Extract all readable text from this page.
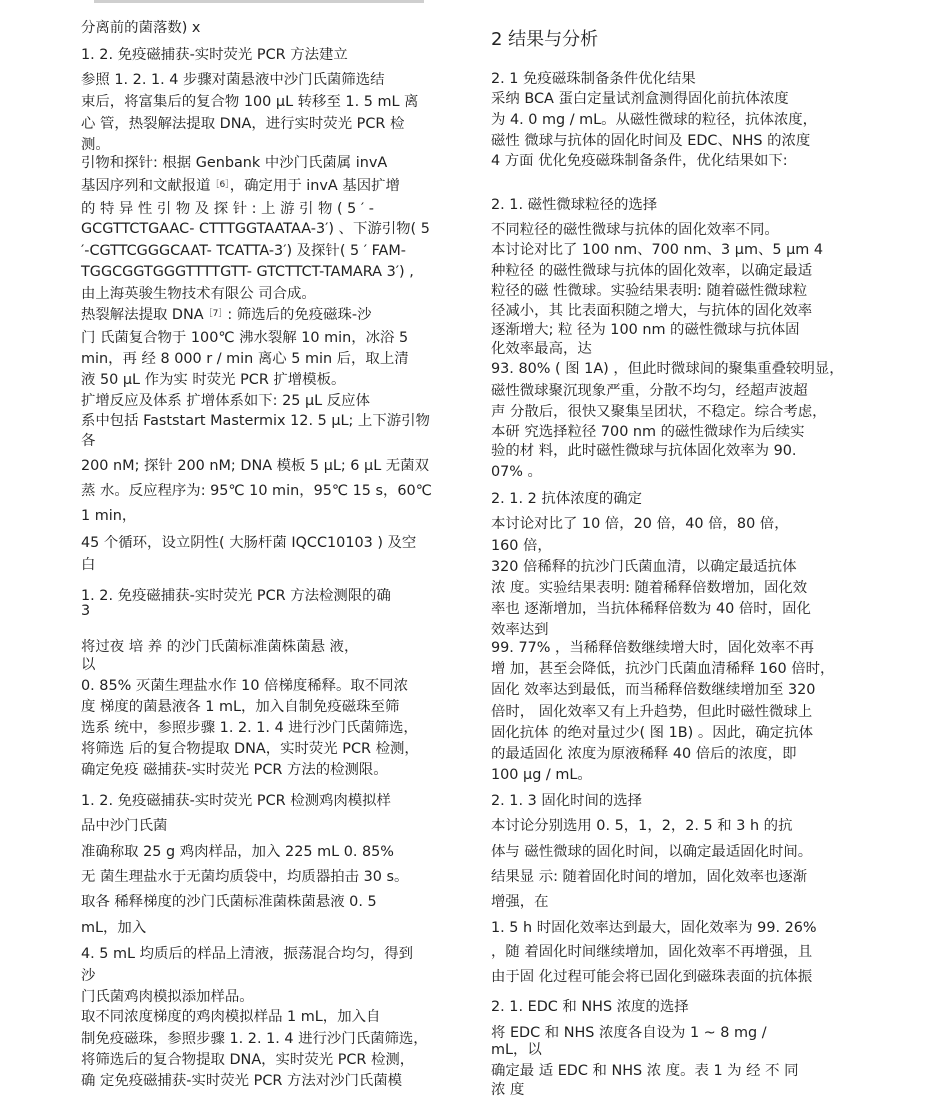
分离前的菌落数) x
1. 2. 免疫磁捕获-实时荧光 PCR 方法建立
参照 1. 2. 1. 4 步骤对菌悬液中沙门氏菌筛选结
束后，将富集后的复合物 100 μL 转移至 1. 5 mL 离
心 管，热裂解法提取 DNA，进行实时荧光 PCR 检
测。
引物和探针: 根据 Genbank 中沙门氏菌属 invA
基因序列和文献报道$^{[6]}$，确定用于 invA 基因扩增
的 特 异 性 引 物 及 探 针 : 上 游 引 物 ( 5 ′ -
GCGTTCTGAAC- CTTTGGTAATAA-3′) 、下游引物( 5
′-CGTTCGGGCAAT- TCATTA-3′) 及探针( 5 ′ FAM-
TGGCGGTGGGTTTTGTT- GTCTTCT-TAMARA 3′) ,
由上海英骏生物技术有限公 司合成。
热裂解法提取 $DNA^{[7]}$: 筛选后的免疫磁珠-沙
门 氏菌复合物于 100℃ 沸水裂解 10 min，冰浴 5
min，再 经 8 000 r / min 离心 5 min 后，取上清
液 50 μL 作为实 时荧光 PCR 扩增模板。
扩增反应及体系 扩增体系如下: 25 μL 反应体
系中包括 Faststart Mastermix 12. 5 μL; 上下游引物
各
200 nM; 探针 200 nM; DNA 模板 5 μL; 6 μL 无菌双
蒸 水。反应程序为: 95℃ 10 min，95℃ 15 s，60℃
1 min，
45 个循环，设立阴性( 大肠杆菌 IQCC10103 ) 及空
白
1. 2. 免疫磁捕获-实时荧光 PCR 方法检测限的确
3
将过夜 培 养 的沙门氏菌标准菌株菌悬 液，
以
0. 85% 灭菌生理盐水作 10 倍梯度稀释。取不同浓
度 梯度的菌悬液各 1 mL，加入自制免疫磁珠至筛
选系 统中，参照步骤 1. 2. 1. 4 进行沙门氏菌筛选，
将筛选 后的复合物提取 DNA，实时荧光 PCR 检测，
确定免疫 磁捕获-实时荧光 PCR 方法的检测限。
1. 2. 免疫磁捕获-实时荧光 PCR 检测鸡肉模拟样
品中沙门氏菌
准确称取 25 g 鸡肉样品，加入 225 mL 0. 85%
无 菌生理盐水于无菌均质袋中，均质器拍击 30 s。
取各 稀释梯度的沙门氏菌标准菌株菌悬液 0. 5
mL，加入
4. 5 mL 均质后的样品上清液，振荡混合均匀，得到
沙
门氏菌鸡肉模拟添加样品。
取不同浓度梯度的鸡肉模拟样品 1 mL，加入自
制免疫磁珠，参照步骤 1. 2. 1. 4 进行沙门氏菌筛选，
将筛选后的复合物提取 DNA，实时荧光 PCR 检测，
确 定免疫磁捕获-实时荧光 PCR 方法对沙门氏菌模
2 结果与分析
2. 1 免疫磁珠制备条件优化结果
采纳 BCA 蛋白定量试剂盒测得固化前抗体浓度
为 4. 0 mg / mL。从磁性微球的粒径，抗体浓度，
磁性 微球与抗体的固化时间及 EDC、NHS 的浓度
4 方面 优化免疫磁珠制备条件，优化结果如下:
2. 1. 磁性微球粒径的选择
不同粒径的磁性微球与抗体的固化效率不同。
本讨论对比了 100 nm、700 nm、3 μm、5 μm 4
种粒径 的磁性微球与抗体的固化效率，以确定最适
粒径的磁 性微球。实验结果表明: 随着磁性微球粒
径减小，其 比表面积随之增大，与抗体的固化效率
逐渐增大; 粒 径为 100 nm 的磁性微球与抗体固
化效率最高，达
93. 80% ( 图 1A) ，但此时微球间的聚集重叠较明显，
磁性微球聚沉现象严重，分散不均匀，经超声波超
声 分散后，很快又聚集呈团状，不稳定。综合考虑，
本研 究选择粒径 700 nm 的磁性微球作为后续实
验的材 料，此时磁性微球与抗体固化效率为 90.
07% 。
2. 1. 2 抗体浓度的确定
本讨论对比了 10 倍，20 倍，40 倍，80 倍，
160 倍，
320 倍稀释的抗沙门氏菌血清，以确定最适抗体
浓 度。实验结果表明: 随着稀释倍数增加，固化效
率也 逐渐增加，当抗体稀释倍数为 40 倍时，固化
效率达到
99. 77% ，当稀释倍数继续增大时，固化效率不再
增 加，甚至会降低，抗沙门氏菌血清稀释 160 倍时，
固化 效率达到最低，而当稀释倍数继续增加至 320
倍时， 固化效率又有上升趋势，但此时磁性微球上
固化抗体 的绝对量过少( 图 1B) 。因此，确定抗体
的最适固化 浓度为原液稀释 40 倍后的浓度，即
100 μg / mL。
2. 1. 3 固化时间的选择
本讨论分别选用 0. 5，1，2，2. 5 和 3 h 的抗
体与 磁性微球的固化时间，以确定最适固化时间。
结果显 示: 随着固化时间的增加，固化效率也逐渐
增强，在
1. 5 h 时固化效率达到最大，固化效率为 99. 26%
，随 着固化时间继续增加，固化效率不再增强，且
由于固 化过程可能会将已固化到磁珠表面的抗体振
2. 1. EDC 和 NHS 浓度的选择
将 EDC 和 NHS 浓度各自设为 1 ~ 8 mg /
mL，以
确定最 适 EDC 和 NHS 浓 度。表 1 为 经 不 同
浓 度
